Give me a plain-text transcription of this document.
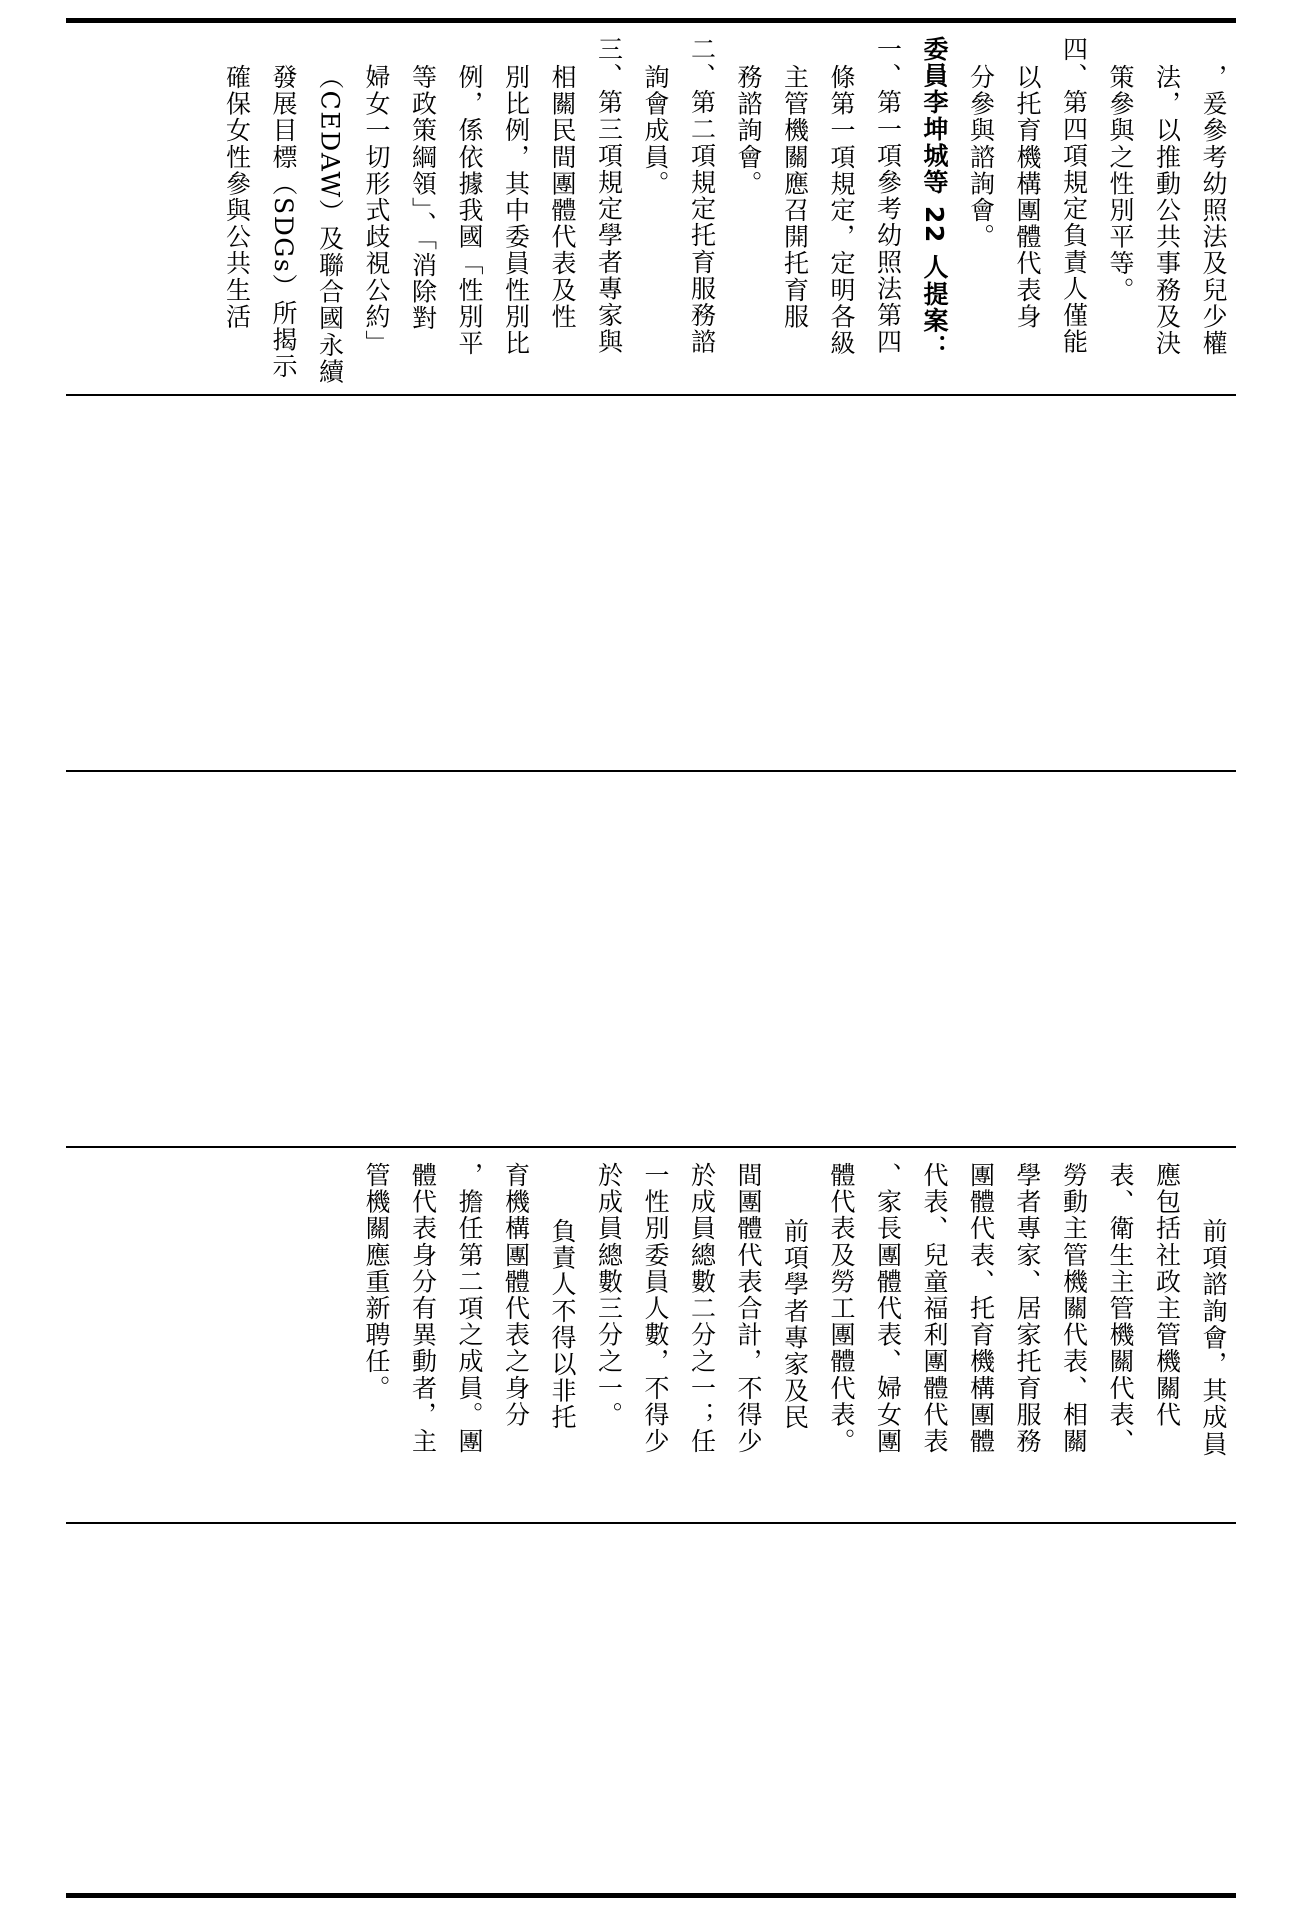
，爰參考幼照法及兒少權
法，以推動公共事務及決
策參與之性別平等。
四、第四項規定負責人僅能
以托育機構團體代表身
分參與諮詢會。
委員李坤城等 22 人提案：
一、第一項參考幼照法第四
條第一項規定，定明各級
主管機關應召開托育服
務諮詢會。
二、第二項規定托育服務諮
詢會成員。
三、第三項規定學者專家與
相關民間團體代表及性
別比例，其中委員性別比
例，係依據我國「性別平
等政策綱領」、「消除對
婦女一切形式歧視公約」
（CEDAW）及聯合國永續
發展目標（SDGs）所揭示
確保女性參與公共生活
前項諮詢會，其成員
應包括社政主管機關代
表、衛生主管機關代表、
勞動主管機關代表、相關
學者專家、居家托育服務
團體代表、托育機構團體
代表、兒童福利團體代表
、家長團體代表、婦女團
體代表及勞工團體代表。
前項學者專家及民
間團體代表合計，不得少
於成員總數二分之一；任
一性別委員人數，不得少
於成員總數三分之一。
負責人不得以非托
育機構團體代表之身分
，擔任第二項之成員。團
體代表身分有異動者，主
管機關應重新聘任。
